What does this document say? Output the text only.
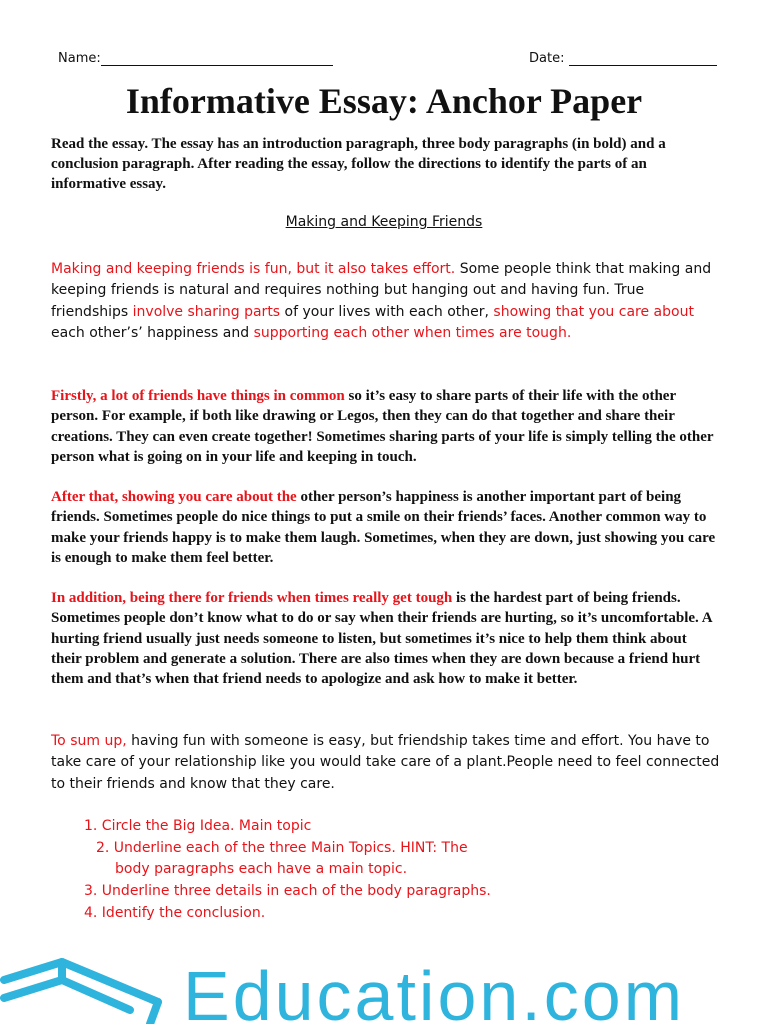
Name:	Date:
Informative Essay: Anchor Paper

Read the essay. The essay has an introduction paragraph, three body paragraphs (in bold) and a conclusion paragraph. After reading the essay, follow the directions to identify the parts of an informative essay.

Making and Keeping Friends

Making and keeping friends is fun, but it also takes effort. Some people think that making and keeping friends is natural and requires nothing but hanging out and having fun. True friendships involve sharing parts of your lives with each other, showing that you care about each other’s’ happiness and supporting each other when times are tough.

Firstly, a lot of friends have things in common so it’s easy to share parts of their life with the other person. For example, if both like drawing or Legos, then they can do that together and share their creations. They can even create together! Sometimes sharing parts of your life is simply telling the other person what is going on in your life and keeping in touch.

After that, showing you care about the other person’s happiness is another important part of being friends. Sometimes people do nice things to put a smile on their friends’ faces. Another common way to make your friends happy is to make them laugh. Sometimes, when they are down, just showing you care is enough to make them feel better.

In addition, being there for friends when times really get tough is the hardest part of being friends. Sometimes people don’t know what to do or say when their friends are hurting, so it’s uncomfortable. A hurting friend usually just needs someone to listen, but sometimes it’s nice to help them think about their problem and generate a solution. There are also times when they are down because a friend hurt them and that’s when that friend needs to apologize and ask how to make it better.

To sum up, having fun with someone is easy, but friendship takes time and effort. You have to take care of your relationship like you would take care of a plant.People need to feel connected to their friends and know that they care.

1. Circle the Big Idea. Main topic
2. Underline each of the three Main Topics. HINT: The
body paragraphs each have a main topic.
3. Underline three details in each of the body paragraphs.
4. Identify the conclusion.
Education.com
